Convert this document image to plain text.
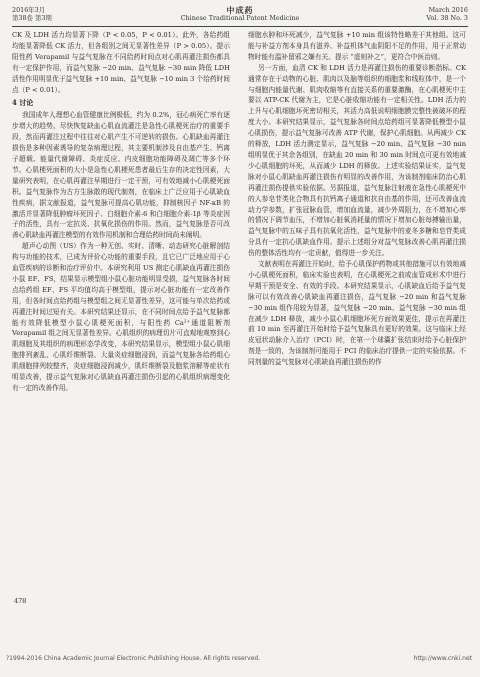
2016年3月
第38卷 第3期
中成药
Chinese Traditional Patent Medicine
March 2016
Vol. 38 No. 3

CK 及 LDH 活力均显著下降（P < 0.05，P < 0.01）。此外，各给药组均能显著降低 CK 活力，但各组别之间无显著性差异（P > 0.05）。提示阳性药 Verapamil 与益气复脉在不同给药时间点对心肌再灌注损伤都具有一定保护作用，而益气复脉 −20 min、益气复脉 −30 min 降低 LDH 活性作用明显优于益气复脉 +10 min、益气复脉 −10 min 3 个给药时间点（P < 0.01）。

4 讨论

我国成年人理想心血管健康比例极低，约为 0.2%，冠心病死亡率有逐步增大的趋势。尽快恢复缺血心肌血流灌注是急性心肌梗死治疗的重要手段，然而再灌注过程中往往对心肌产生不可逆转的损伤。心肌缺血再灌注损伤是多种因素诱导的复杂病理过程，其主要机制涉及自由基产生、钙离子超载、能量代谢障碍、炎症反应、内皮细胞功能障碍及凋亡等多个环节。心肌梗死面积的大小是急性心肌梗死患者最后生存的决定性因素，大量研究表明，在心肌再灌注早期进行一定干预，可有效地减小心肌梗死面积。益气复脉作为古方生脉散的现代制剂，在临床上广泛应用于心肌缺血性疾病，据文献报道，益气复脉可提高心肌功能，抑制核因子 NF-κB 的激活并显著降低肿瘤坏死因子、白细胞介素-6 和白细胞介素-1β 等炎症因子的活性，具有一定抗炎、抗氧化损伤的作用。然而，益气复脉是否可改善心肌缺血再灌注模型的有效作用机制和合理给药时间尚未阐明。

超声心动图（US）作为一种无创、实时、清晰、动态研究心脏解剖结构与功能的技术，已成为评价心功能的重要手段，且它已广泛地应用于心血管疾病的诊断和治疗评价中。本研究利用 US 测定心肌缺血再灌注损伤小鼠 EF、FS，结果显示模型组小鼠心脏功能明显受损，益气复脉各时间点给药组 EF、FS 平均值均高于模型组，提示对心脏功能有一定改善作用，但各时间点给药组与模型组之间无显著性差异，这可能与单次给药或再灌注时间过短有关。本研究结果还显示，在不同时间点给予益气复脉都能有效降低模型小鼠心肌梗死面积，与阳性药 Ca²⁺通道阻断剂 Verapamil 组之间无显著性差异。心肌组织的病理切片可直观地观察到心肌细胞及其组织的病理形态学改变，本研究结果显示，模型组小鼠心肌细胞排列紊乱、心肌纤维断裂、大量炎症细胞浸润，而益气复脉各给药组心肌细胞排列较整齐，炎症细胞浸润减少，肌纤维断裂及胞浆溶解等症状有明显改善，提示益气复脉对心肌缺血再灌注损伤引起的心肌组织病理变化有一定的改善作用。

细胞水肿和坏死减少，益气复脉 +10 min 组该特性略差于其他组。这可能与补益方剂本身具有滋养、补益机体气血阴阳不足的作用，用于正常动物时能有温补留邪之嫌有关。提示 “虚则补之”，更符合中医治则。

另一方面，血清 CK 和 LDH 活力是再灌注损伤的重要诊断指标。CK 通常存在于动物的心脏、肌肉以及脑等组织的细胞浆和线粒体中，是一个与细胞内能量代谢、肌肉收缩等有直接关系的重要激酶，在心肌梗死中主要以 ATP-CK 代谢为主，它是心脏收缩功能有一定相关性。LDH 活力的上升与心肌细胞坏死密切相关，其活力高低说明细胞膜完整性被破坏的程度大小。本研究结果显示，益气复脉各时间点给药组可显著降低模型小鼠心肌损伤，提示益气复脉可改善 ATP 代谢，保护心肌细胞。从两减少 CK 的释放，LDH 活力测定显示，益气复脉 −20 min、益气复脉 −30 min 组明显优于其余各组别，在缺血 20 min 和 30 min 时间点可更有效地减少心肌细胞的坏死，从而减少 LDH 的释放。上述实验结果证实，益气复脉对小鼠心肌缺血再灌注损伤有明显的改善作用，为该制剂临床防治心肌再灌注损伤提供实验依据。另据报道，益气复脉注射液在急性心肌梗死中的人参皂苷类化合物具有抗钙离子通道和抗自由基的作用，还可改善血流动力学参数，扩张冠脉血管，增加血流量，减少外周阻力，在不增加心率的情况下调节血压，不增加心脏氧消耗量的情况下增加心脏每搏输出量，益气复脉中的五味子具有抗氧化活性，益气复脉中的麦冬多糖和皂苷类成分具有一定抗心肌缺血作用。提示上述组分对益气复脉改善心肌再灌注损伤的整体活性均有一定贡献，值得进一步关注。

文献表明在再灌注开始时，给予心肌保护药物或其他措施可以有效地减小心肌梗死面积，临床实验也表明，在心肌梗死之前或血管成形术中进行早期干预是安全、有效的手段。本研究结果显示，心肌缺血后给予益气复脉可以有效改善心肌缺血再灌注损伤，益气复脉 −20 min 和益气复脉 −30 min 组作用较为显著，益气复脉 −20 min、益气复脉 −30 min 组在减少 LDH 释放，减少小鼠心肌细胞坏死方面效果更佳，提示在再灌注前 10 min 至再灌注开始时给予益气复脉具有更好的效果。这与临床上经皮冠状动脉介入治疗（PCI）时，在第一个球囊扩张结束时给予心脏保护剂是一致的，为该制剂可能用于 PCI 的临床治疗提供一定的实验依据。不同剂量的益气复脉对心肌缺血再灌注损伤的作

478
?1994-2016 China Academic Journal Electronic Publishing House. All rights reserved.	http://www.cnki.net
